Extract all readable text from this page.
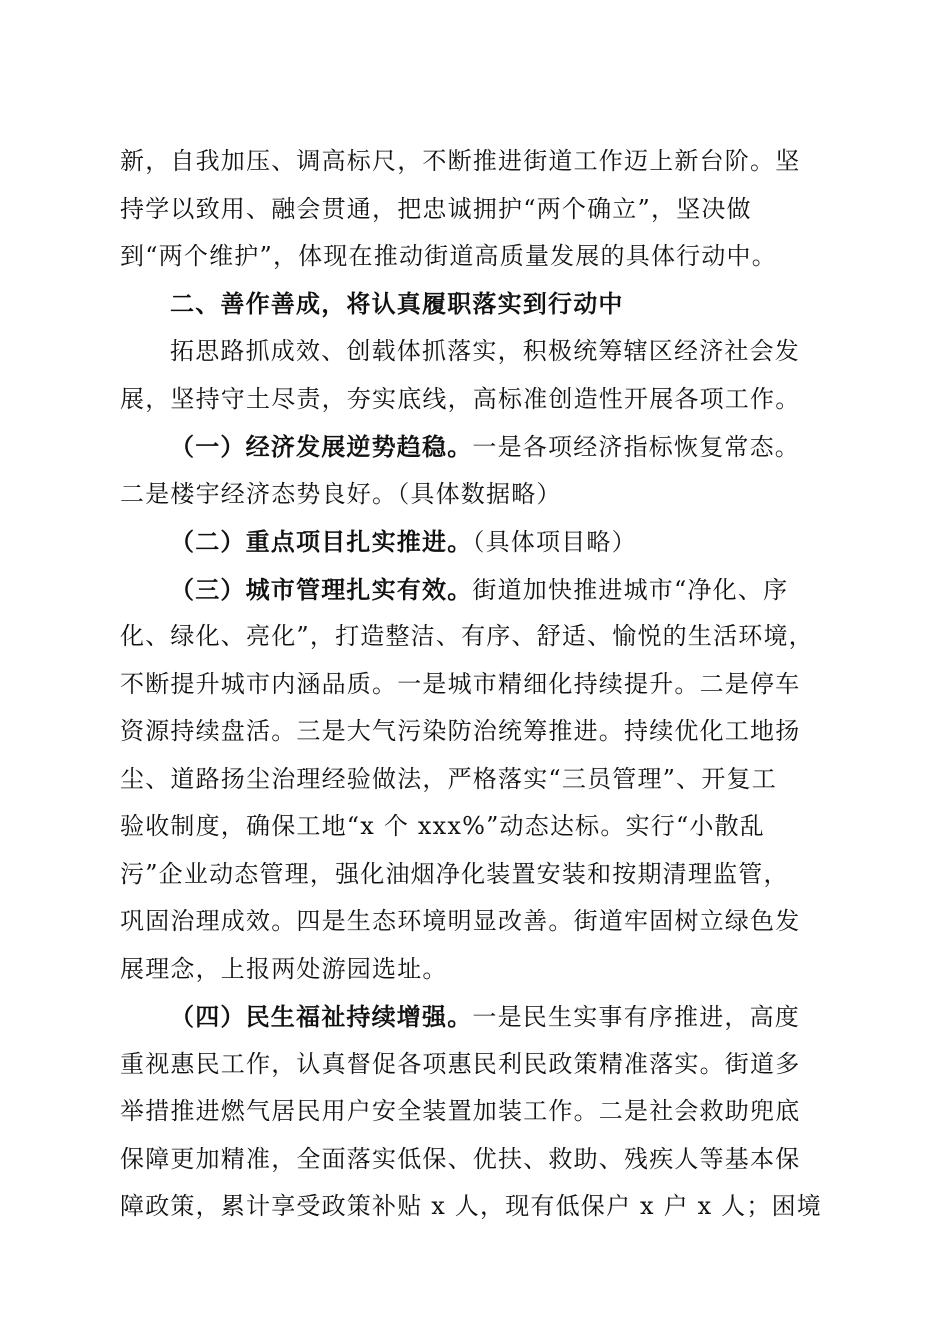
新，自我加压、调高标尺，不断推进街道工作迈上新台阶。坚
持学以致用、融会贯通，把忠诚拥护“两个确立”，坚决做
到“两个维护”，体现在推动街道高质量发展的具体行动中。
二、善作善成，将认真履职落实到行动中
拓思路抓成效、创载体抓落实，积极统筹辖区经济社会发
展，坚持守土尽责，夯实底线，高标准创造性开展各项工作。
（一）经济发展逆势趋稳。一是各项经济指标恢复常态。
二是楼宇经济态势良好。（具体数据略）
（二）重点项目扎实推进。（具体项目略）
（三）城市管理扎实有效。街道加快推进城市“净化、序
化、绿化、亮化”，打造整洁、有序、舒适、愉悦的生活环境，
不断提升城市内涵品质。一是城市精细化持续提升。二是停车
资源持续盘活。三是大气污染防治统筹推进。持续优化工地扬
尘、道路扬尘治理经验做法，严格落实“三员管理”、开复工
验收制度，确保工地“x 个 xxx%”动态达标。实行“小散乱
污”企业动态管理，强化油烟净化装置安装和按期清理监管，
巩固治理成效。四是生态环境明显改善。街道牢固树立绿色发
展理念，上报两处游园选址。
（四）民生福祉持续增强。一是民生实事有序推进，高度
重视惠民工作，认真督促各项惠民利民政策精准落实。街道多
举措推进燃气居民用户安全装置加装工作。二是社会救助兜底
保障更加精准，全面落实低保、优扶、救助、残疾人等基本保
障政策，累计享受政策补贴 x 人，现有低保户 x 户 x 人；困境
